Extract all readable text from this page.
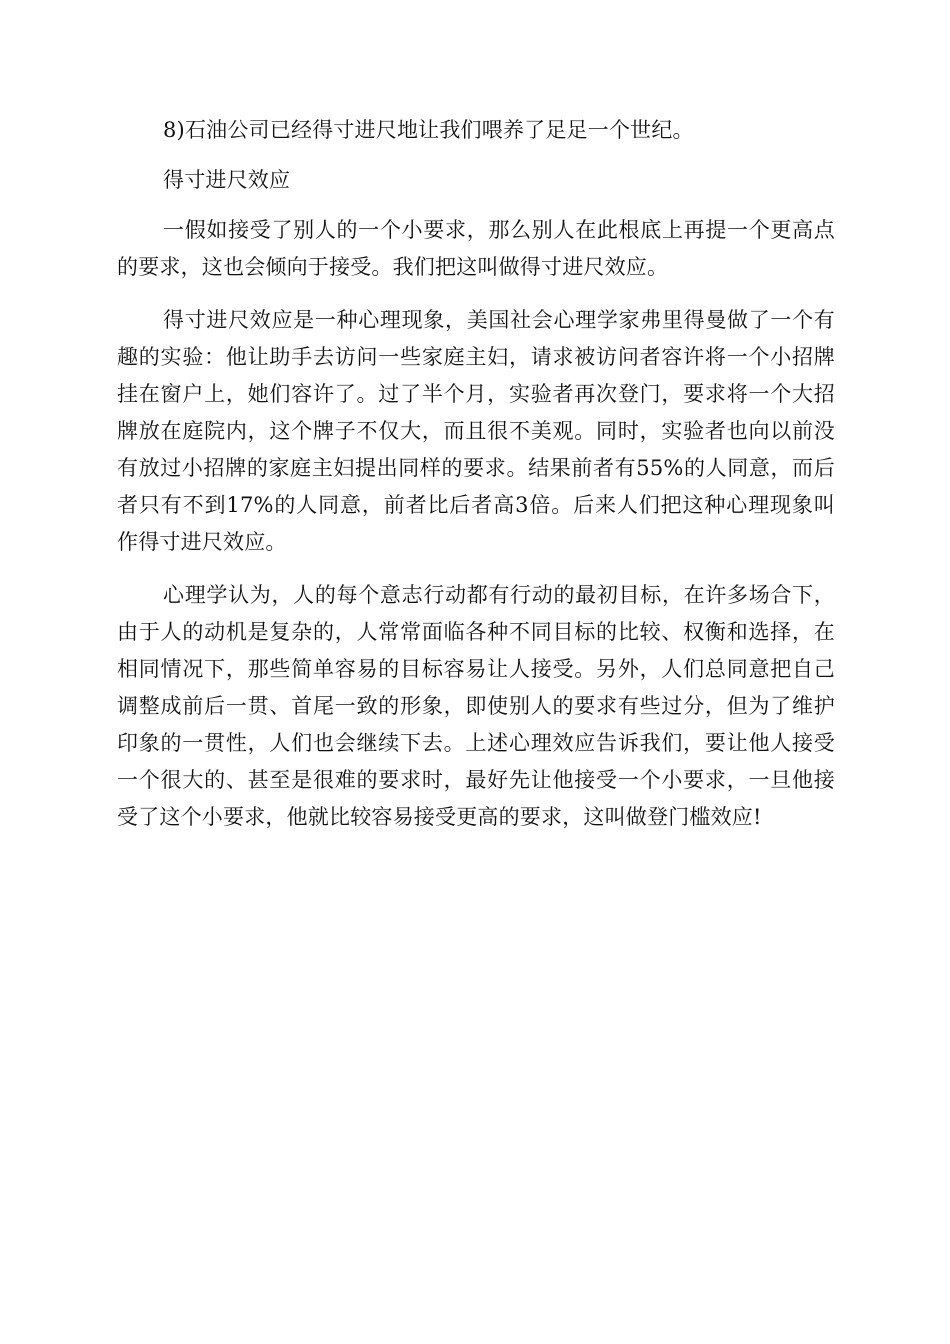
8)石油公司已经得寸进尺地让我们喂养了足足一个世纪。

得寸进尺效应

一假如接受了别人的一个小要求，那么别人在此根底上再提一个更高点的要求，这也会倾向于接受。我们把这叫做得寸进尺效应。

得寸进尺效应是一种心理现象，美国社会心理学家弗里得曼做了一个有趣的实验：他让助手去访问一些家庭主妇，请求被访问者容许将一个小招牌挂在窗户上，她们容许了。过了半个月，实验者再次登门，要求将一个大招牌放在庭院内，这个牌子不仅大，而且很不美观。同时，实验者也向以前没有放过小招牌的家庭主妇提出同样的要求。结果前者有55%的人同意，而后者只有不到17%的人同意，前者比后者高3倍。后来人们把这种心理现象叫作得寸进尺效应。

心理学认为，人的每个意志行动都有行动的最初目标，在许多场合下，由于人的动机是复杂的，人常常面临各种不同目标的比较、权衡和选择，在相同情况下，那些简单容易的目标容易让人接受。另外，人们总同意把自己调整成前后一贯、首尾一致的形象，即使别人的要求有些过分，但为了维护印象的一贯性，人们也会继续下去。上述心理效应告诉我们，要让他人接受一个很大的、甚至是很难的要求时，最好先让他接受一个小要求，一旦他接受了这个小要求，他就比较容易接受更高的要求，这叫做登门槛效应!
